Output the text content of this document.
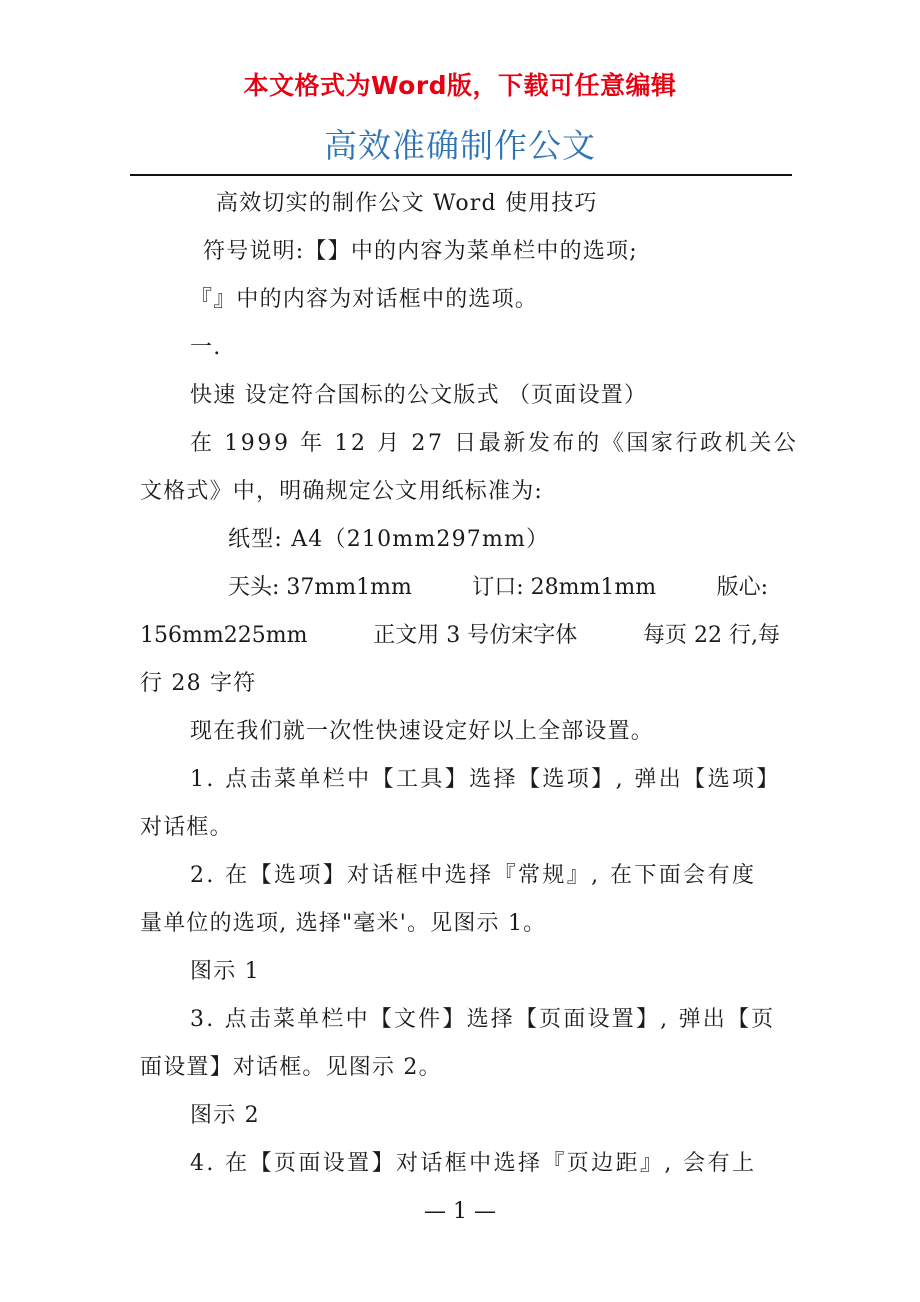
本文格式为Word版，下载可任意编辑
高效准确制作公文
高效切实的制作公文 Word 使用技巧
符号说明:【】中的内容为菜单栏中的选项;
『』中的内容为对话框中的选项。
一.
快速 设定符合国标的公文版式 （页面设置）
在 1999 年 12 月 27 日最新发布的《国家行政机关公
文格式》中，明确规定公文用纸标准为:
纸型: A4（210mm297mm）
天头: 37mm1mm	订口: 28mm1mm	版心:
156mm225mm	正文用 3 号仿宋字体	每页 22 行,每
行 28 字符
现在我们就一次性快速设定好以上全部设置。
1. 点击菜单栏中【工具】选择【选项】, 弹出【选项】
对话框。
2. 在【选项】对话框中选择『常规』, 在下面会有度
量单位的选项, 选择"毫米'。见图示 1。
图示 1
3. 点击菜单栏中【文件】选择【页面设置】, 弹出【页
面设置】对话框。见图示 2。
图示 2
4. 在【页面设置】对话框中选择『页边距』, 会有上
— 1 —
